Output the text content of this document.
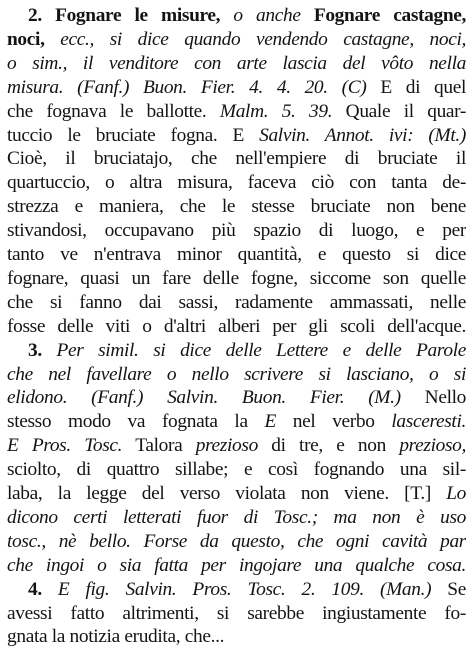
2. Fognare le misure, o anche Fognare castagne,
noci, ecc., si dice quando vendendo castagne, noci,
o sim., il venditore con arte lascia del vôto nella
misura. (Fanf.) Buon. Fier. 4. 4. 20. (C) E di quel
che fognava le ballotte. Malm. 5. 39. Quale il quar-
tuccio le bruciate fogna. E Salvin. Annot. ivi: (Mt.)
Cioè, il bruciatajo, che nell'empiere di bruciate il
quartuccio, o altra misura, faceva ciò con tanta de-
strezza e maniera, che le stesse bruciate non bene
stivandosi, occupavano più spazio di luogo, e per
tanto ve n'entrava minor quantità, e questo si dice
fognare, quasi un fare delle fogne, siccome son quelle
che si fanno dai sassi, radamente ammassati, nelle
fosse delle viti o d'altri alberi per gli scoli dell'acque.
3. Per simil. si dice delle Lettere e delle Parole
che nel favellare o nello scrivere si lasciano, o si
elidono. (Fanf.) Salvin. Buon. Fier. (M.) Nello
stesso modo va fognata la E nel verbo lasceresti.
E Pros. Tosc. Talora prezioso di tre, e non prezioso,
sciolto, di quattro sillabe; e così fognando una sil-
laba, la legge del verso violata non viene. [T.] Lo
dicono certi letterati fuor di Tosc.; ma non è uso
tosc., nè bello. Forse da questo, che ogni cavità par
che ingoi o sia fatta per ingojare una qualche cosa.
4. E fig. Salvin. Pros. Tosc. 2. 109. (Man.) Se
avessi fatto altrimenti, si sarebbe ingiustamente fo-
gnata la notizia erudita, che...
